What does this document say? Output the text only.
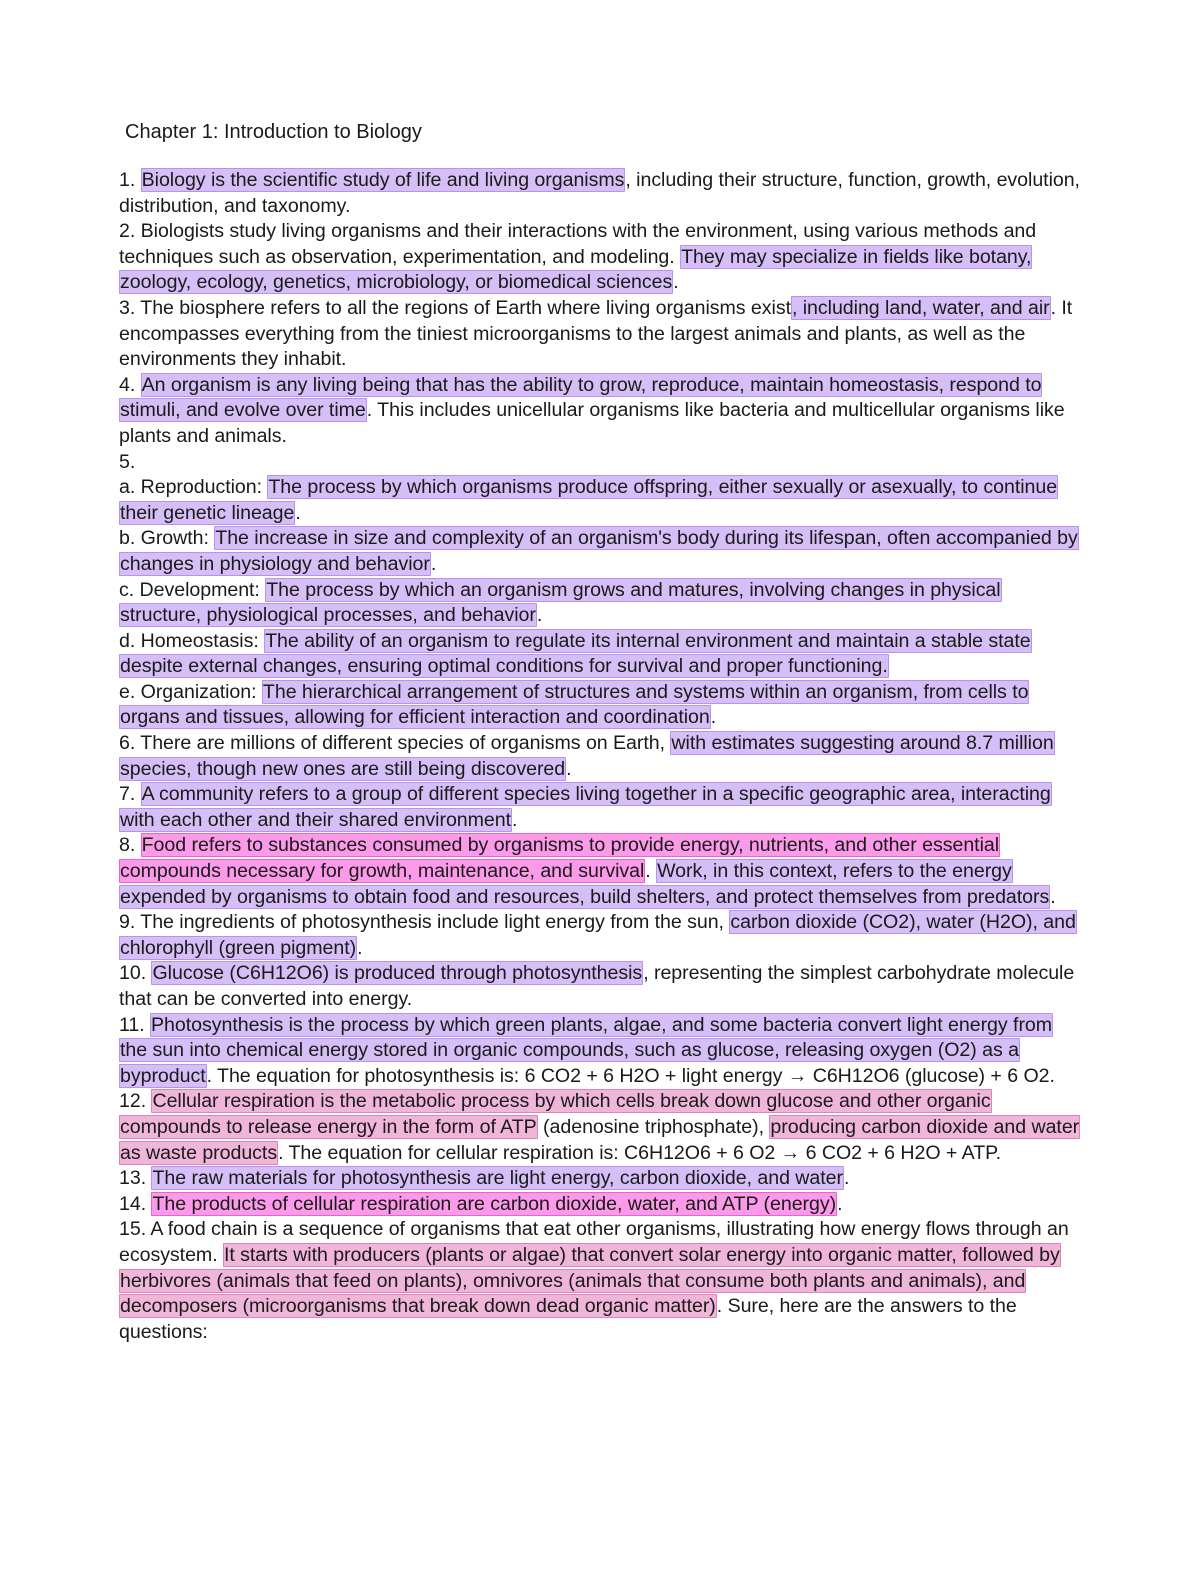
Chapter 1: Introduction to Biology

1. Biology is the scientific study of life and living organisms, including their structure, function, growth, evolution, distribution, and taxonomy.

2. Biologists study living organisms and their interactions with the environment, using various methods and techniques such as observation, experimentation, and modeling. They may specialize in fields like botany, zoology, ecology, genetics, microbiology, or biomedical sciences.

3. The biosphere refers to all the regions of Earth where living organisms exist, including land, water, and air. It encompasses everything from the tiniest microorganisms to the largest animals and plants, as well as the environments they inhabit.

4. An organism is any living being that has the ability to grow, reproduce, maintain homeostasis, respond to stimuli, and evolve over time. This includes unicellular organisms like bacteria and multicellular organisms like plants and animals.

5.

a. Reproduction: The process by which organisms produce offspring, either sexually or asexually, to continue their genetic lineage.

b. Growth: The increase in size and complexity of an organism's body during its lifespan, often accompanied by changes in physiology and behavior.

c. Development: The process by which an organism grows and matures, involving changes in physical structure, physiological processes, and behavior.

d. Homeostasis: The ability of an organism to regulate its internal environment and maintain a stable state despite external changes, ensuring optimal conditions for survival and proper functioning.

e. Organization: The hierarchical arrangement of structures and systems within an organism, from cells to organs and tissues, allowing for efficient interaction and coordination.

6. There are millions of different species of organisms on Earth, with estimates suggesting around 8.7 million species, though new ones are still being discovered.

7. A community refers to a group of different species living together in a specific geographic area, interacting with each other and their shared environment.

8. Food refers to substances consumed by organisms to provide energy, nutrients, and other essential compounds necessary for growth, maintenance, and survival. Work, in this context, refers to the energy expended by organisms to obtain food and resources, build shelters, and protect themselves from predators.

9. The ingredients of photosynthesis include light energy from the sun, carbon dioxide (CO2), water (H2O), and chlorophyll (green pigment).

10. Glucose (C6H12O6) is produced through photosynthesis, representing the simplest carbohydrate molecule that can be converted into energy.

11. Photosynthesis is the process by which green plants, algae, and some bacteria convert light energy from the sun into chemical energy stored in organic compounds, such as glucose, releasing oxygen (O2) as a byproduct. The equation for photosynthesis is: 6 CO2 + 6 H2O + light energy → C6H12O6 (glucose) + 6 O2.

12. Cellular respiration is the metabolic process by which cells break down glucose and other organic compounds to release energy in the form of ATP (adenosine triphosphate), producing carbon dioxide and water as waste products. The equation for cellular respiration is: C6H12O6 + 6 O2 → 6 CO2 + 6 H2O + ATP.

13. The raw materials for photosynthesis are light energy, carbon dioxide, and water.

14. The products of cellular respiration are carbon dioxide, water, and ATP (energy).

15. A food chain is a sequence of organisms that eat other organisms, illustrating how energy flows through an ecosystem. It starts with producers (plants or algae) that convert solar energy into organic matter, followed by herbivores (animals that feed on plants), omnivores (animals that consume both plants and animals), and decomposers (microorganisms that break down dead organic matter). Sure, here are the answers to the questions:
